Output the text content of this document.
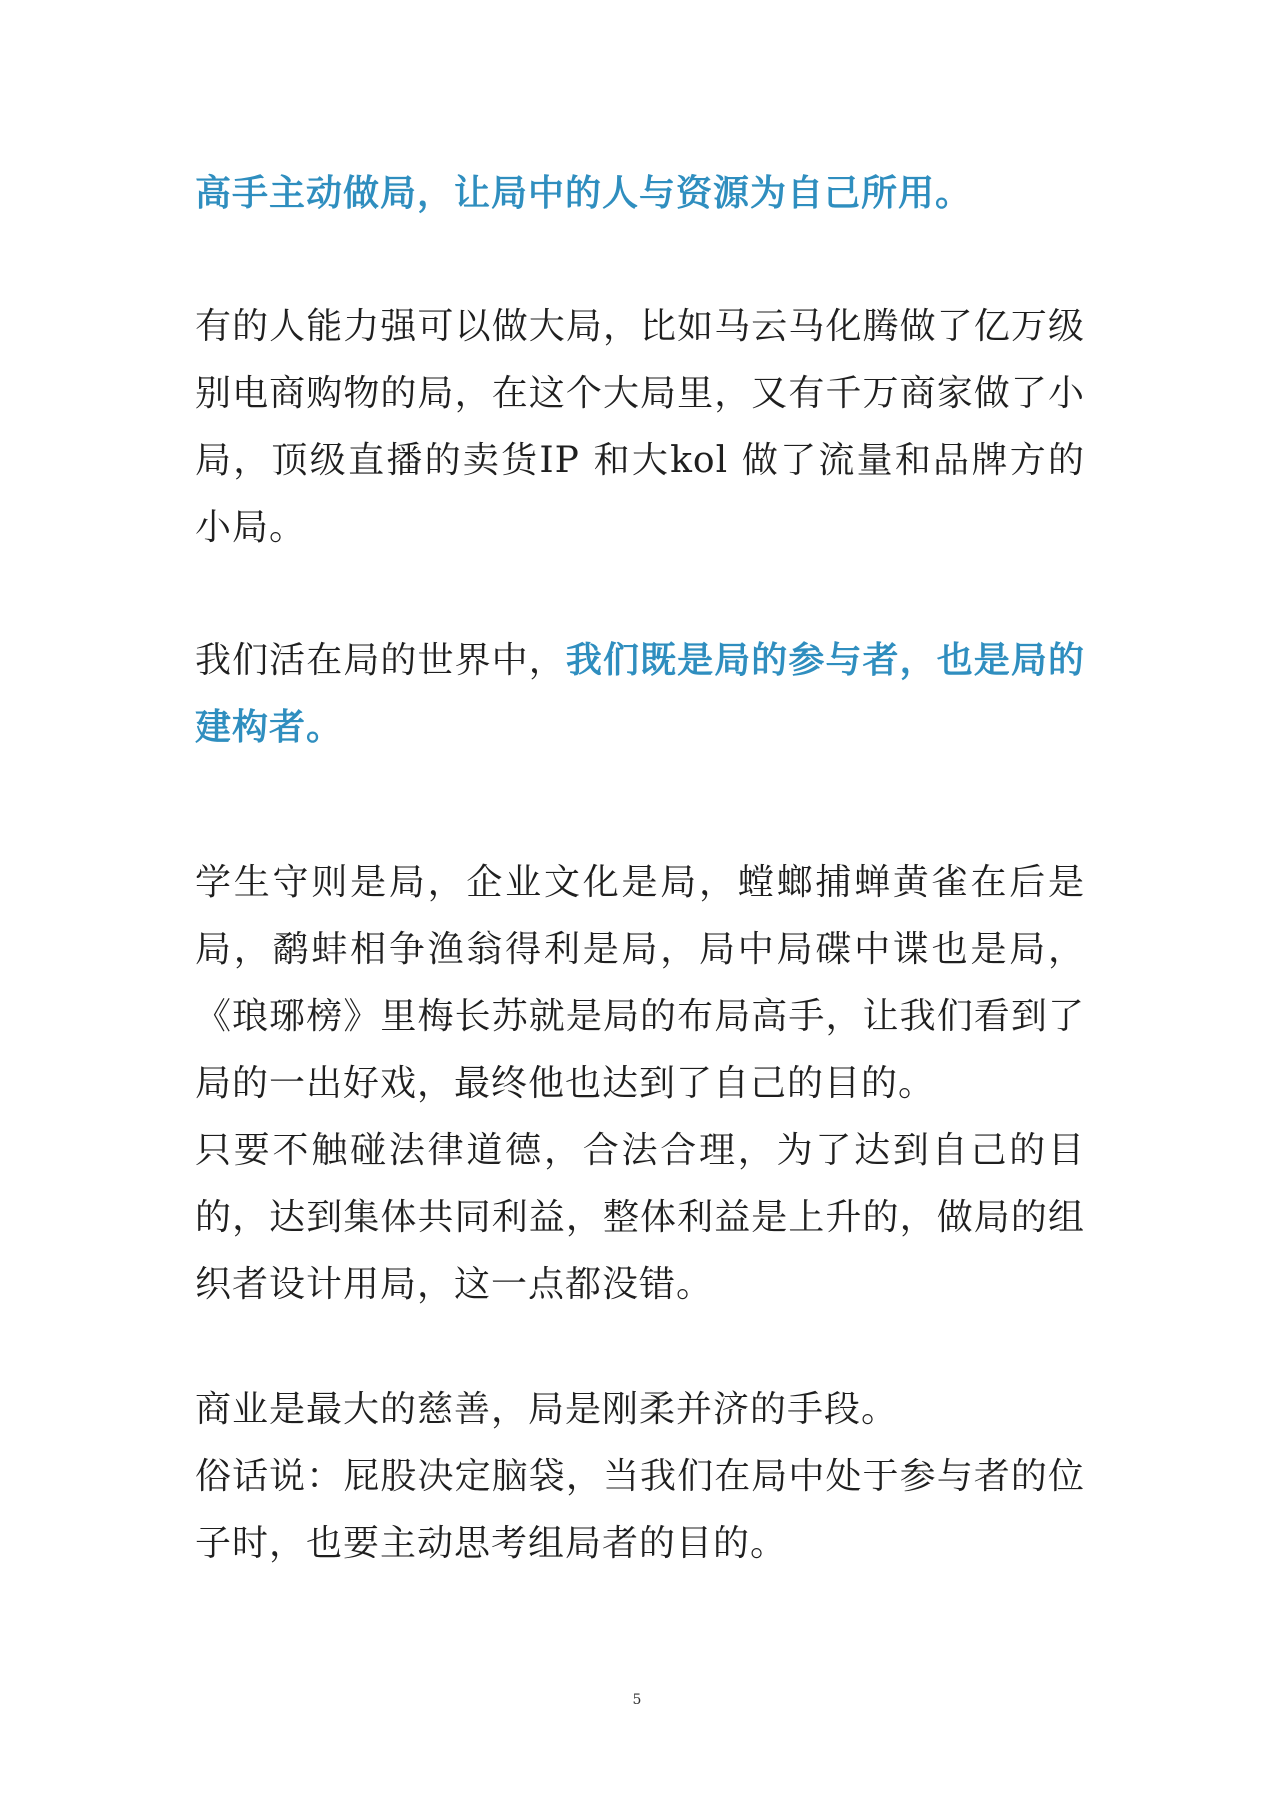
高手主动做局，让局中的人与资源为自己所用。

有的人能力强可以做大局，比如马云马化腾做了亿万级别电商购物的局，在这个大局里，又有千万商家做了小局，顶级直播的卖货IP 和大kol 做了流量和品牌方的小局。

我们活在局的世界中，我们既是局的参与者，也是局的建构者。

学生守则是局，企业文化是局，螳螂捕蝉黄雀在后是局，鹬蚌相争渔翁得利是局，局中局碟中谍也是局，《琅琊榜》里梅长苏就是局的布局高手，让我们看到了局的一出好戏，最终他也达到了自己的目的。

只要不触碰法律道德，合法合理，为了达到自己的目的，达到集体共同利益，整体利益是上升的，做局的组织者设计用局，这一点都没错。

商业是最大的慈善，局是刚柔并济的手段。

俗话说：屁股决定脑袋，当我们在局中处于参与者的位子时，也要主动思考组局者的目的。

5
